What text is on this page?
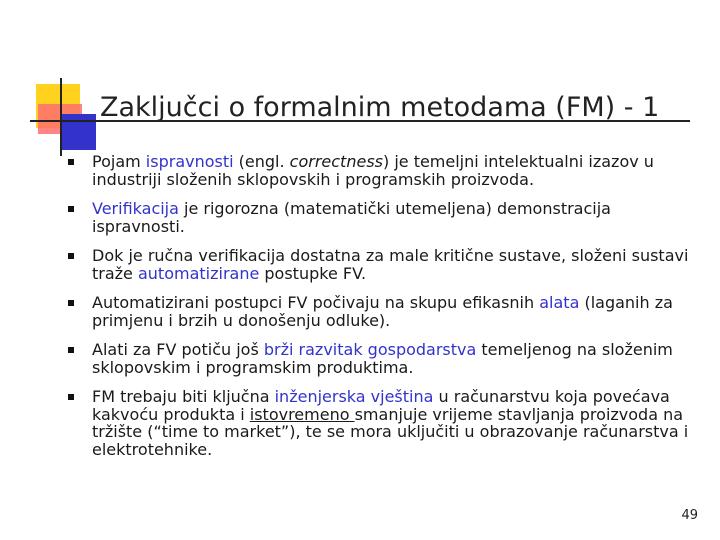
Zaključci o formalnim metodama (FM) - 1
Pojam ispravnosti (engl. correctness) je temeljni intelektualni izazov u industriji složenih sklopovskih i programskih proizvoda.
Verifikacija je rigorozna (matematički utemeljena) demonstracija ispravnosti.
Dok je ručna verifikacija dostatna za male kritične sustave, složeni sustavi traže automatizirane postupke FV.
Automatizirani postupci FV počivaju na skupu efikasnih alata (laganih za primjenu i brzih u donošenju odluke).
Alati za FV potiču još brži razvitak gospodarstva temeljenog na složenim sklopovskim i programskim produktima.
FM trebaju biti ključna inženjerska vještina u računarstvu koja povećava kakvoću produkta i istovremeno smanjuje vrijeme stavljanja proizvoda na tržište (“time to market”), te se mora uključiti u obrazovanje računarstva i elektrotehnike.
49
